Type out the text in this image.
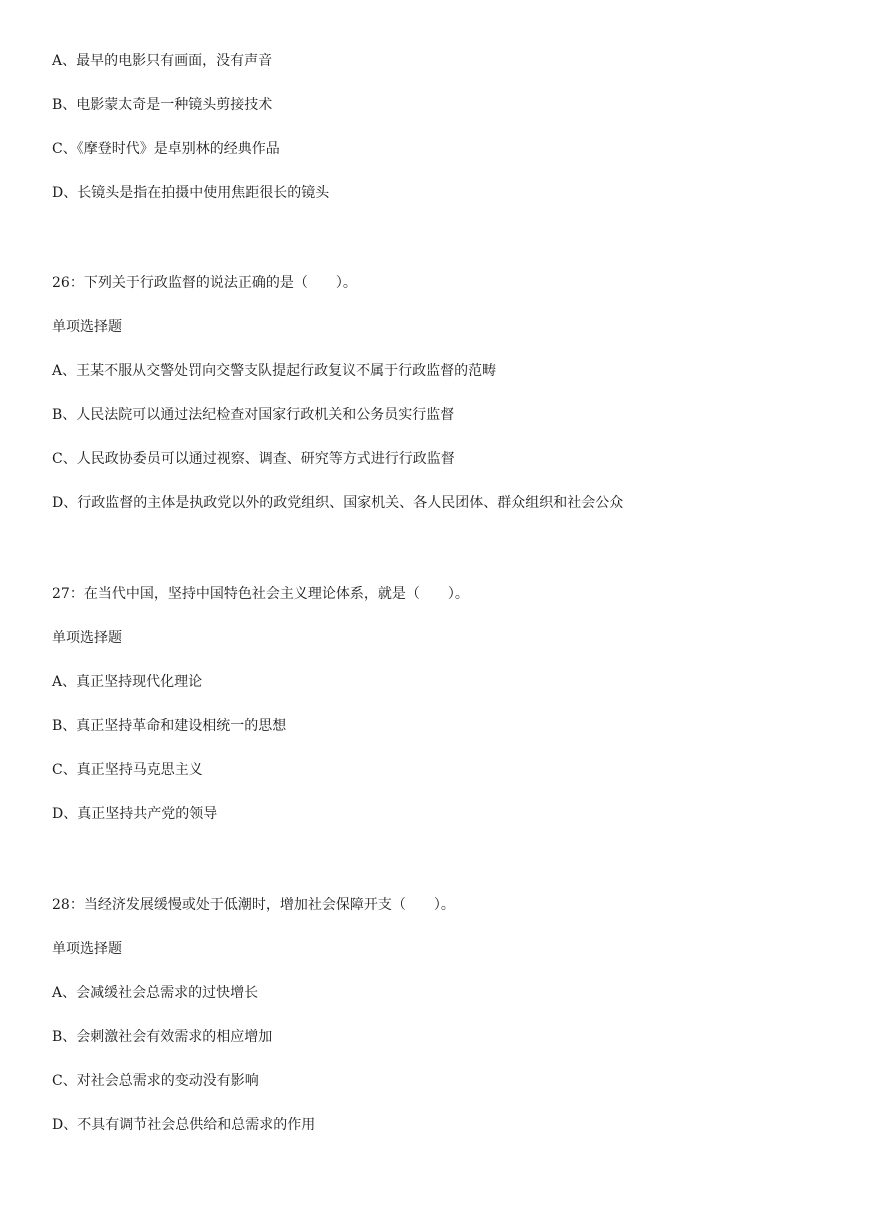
A、最早的电影只有画面，没有声音

B、电影蒙太奇是一种镜头剪接技术

C、《摩登时代》是卓别林的经典作品

D、长镜头是指在拍摄中使用焦距很长的镜头

26：下列关于行政监督的说法正确的是（　　）。

单项选择题

A、王某不服从交警处罚向交警支队提起行政复议不属于行政监督的范畴

B、人民法院可以通过法纪检查对国家行政机关和公务员实行监督

C、人民政协委员可以通过视察、调查、研究等方式进行行政监督

D、行政监督的主体是执政党以外的政党组织、国家机关、各人民团体、群众组织和社会公众

27：在当代中国，坚持中国特色社会主义理论体系，就是（　　）。

单项选择题

A、真正坚持现代化理论

B、真正坚持革命和建设相统一的思想

C、真正坚持马克思主义

D、真正坚持共产党的领导

28：当经济发展缓慢或处于低潮时，增加社会保障开支（　　）。

单项选择题

A、会减缓社会总需求的过快增长

B、会刺激社会有效需求的相应增加

C、对社会总需求的变动没有影响

D、不具有调节社会总供给和总需求的作用
